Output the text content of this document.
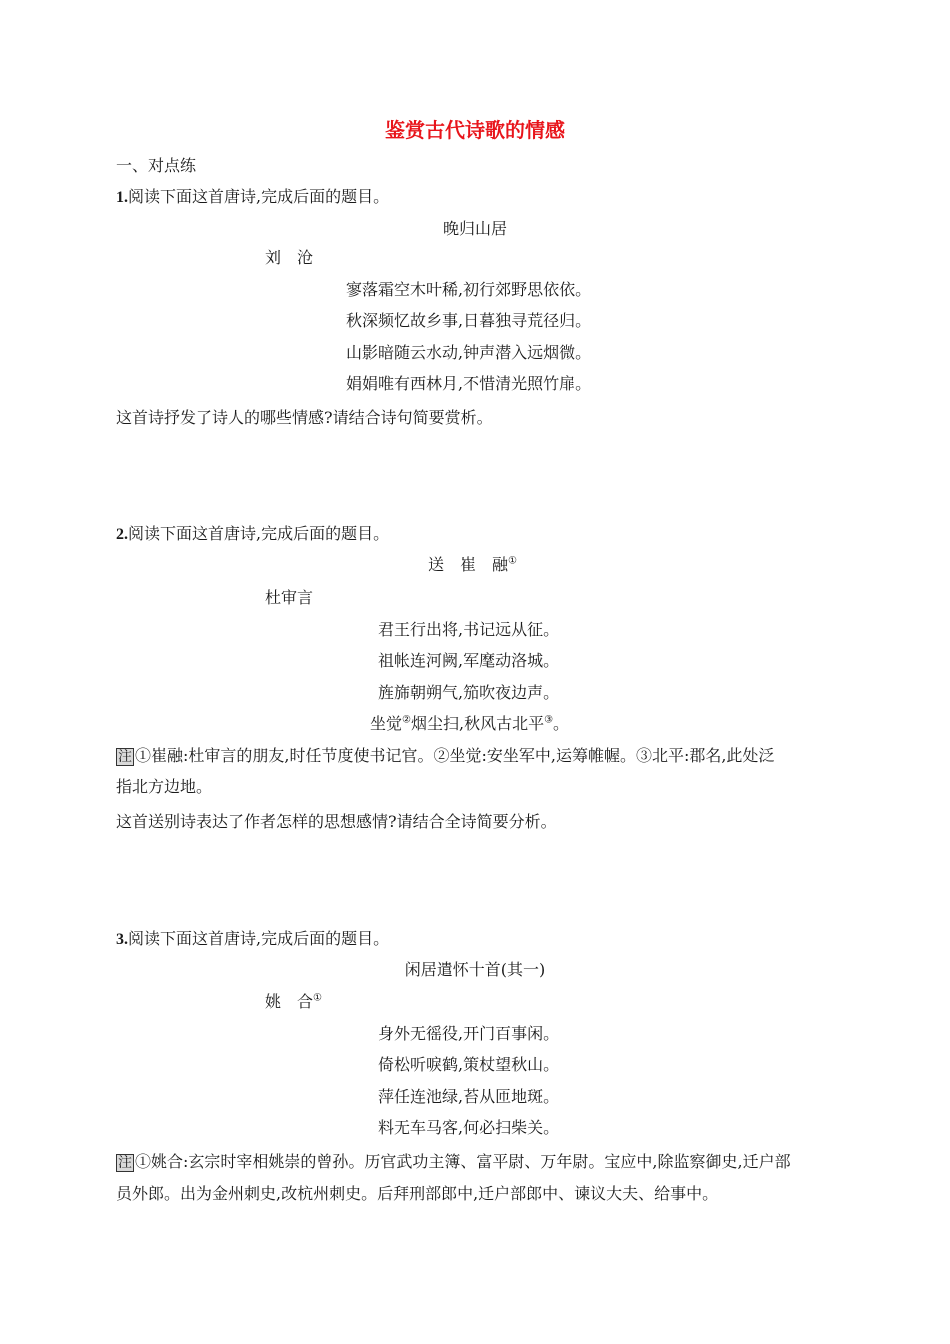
鉴赏古代诗歌的情感
一、对点练
1.阅读下面这首唐诗,完成后面的题目。
晚归山居
刘　沧
寥落霜空木叶稀,初行郊野思依依。
秋深频忆故乡事,日暮独寻荒径归。
山影暗随云水动,钟声潜入远烟微。
娟娟唯有西林月,不惜清光照竹扉。
这首诗抒发了诗人的哪些情感?请结合诗句简要赏析。
2.阅读下面这首唐诗,完成后面的题目。
送　崔　融①
杜审言
君王行出将,书记远从征。
祖帐连河阙,军麾动洛城。
旌旆朝朔气,笳吹夜边声。
坐觉②烟尘扫,秋风古北平③。
注 ①崔融:杜审言的朋友,时任节度使书记官。②坐觉:安坐军中,运筹帷幄。③北平:郡名,此处泛
指北方边地。
这首送别诗表达了作者怎样的思想感情?请结合全诗简要分析。
3.阅读下面这首唐诗,完成后面的题目。
闲居遣怀十首(其一)
姚　合①
身外无徭役,开门百事闲。
倚松听唳鹤,策杖望秋山。
萍任连池绿,苔从匝地斑。
料无车马客,何必扫柴关。
注 ①姚合:玄宗时宰相姚崇的曾孙。历官武功主簿、富平尉、万年尉。宝应中,除监察御史,迁户部
员外郎。出为金州刺史,改杭州刺史。后拜刑部郎中,迁户部郎中、谏议大夫、给事中。
